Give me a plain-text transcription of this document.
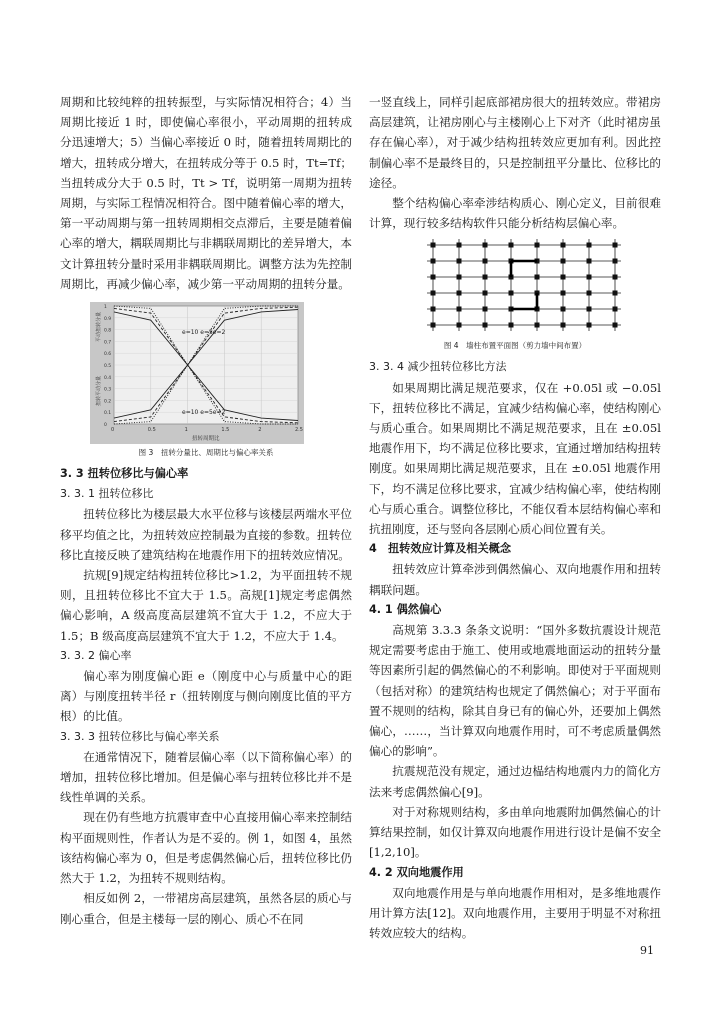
周期和比较纯粹的扭转振型，与实际情况相符合；4）当周期比接近 1 时，即使偏心率很小，平动周期的扭转成分迅速增大；5）当偏心率接近 0 时，随着扭转周期比的增大，扭转成分增大，在扭转成分等于 0.5 时，Tt=Tf；当扭转成分大于 0.5 时，Tt > Tf，说明第一周期为扭转周期，与实际工程情况相符合。图中随着偏心率的增大，第一平动周期与第一扭转周期相交点滞后，主要是随着偏心率的增大，耦联周期比与非耦联周期比的差异增大，本文计算扭转分量时采用非耦联周期比。调整方法为先控制周期比，再减少偏心率，减少第一平动周期的扭转分量。

e=10 e=5e=2
e=10 e=5e=2
平动扭转分量
扭转平动分量
扭转周期比
0	0.5	1	1.5	2	2.5
1
0.9
0.8
0.7
0.6
0.5
0.4
0.3
0.2
0.1
0
图 3　扭转分量比、周期比与偏心率关系

3. 3 扭转位移比与偏心率

3. 3. 1 扭转位移比

扭转位移比为楼层最大水平位移与该楼层两端水平位移平均值之比，为扭转效应控制最为直接的参数。扭转位移比直接反映了建筑结构在地震作用下的扭转效应情况。

抗规[9]规定结构扭转位移比>1.2，为平面扭转不规则，且扭转位移比不宜大于 1.5。高规[1]规定考虑偶然偏心影响，A 级高度高层建筑不宜大于 1.2，不应大于 1.5；B 级高度高层建筑不宜大于 1.2，不应大于 1.4。

3. 3. 2 偏心率

偏心率为刚度偏心距 e（刚度中心与质量中心的距离）与刚度扭转半径 r（扭转刚度与侧向刚度比值的平方根）的比值。

3. 3. 3 扭转位移比与偏心率关系

在通常情况下，随着层偏心率（以下简称偏心率）的增加，扭转位移比增加。但是偏心率与扭转位移比并不是线性单调的关系。

现在仍有些地方抗震审查中心直接用偏心率来控制结构平面规则性，作者认为是不妥的。例 1，如图 4，虽然该结构偏心率为 0，但是考虑偶然偏心后，扭转位移比仍然大于 1.2，为扭转不规则结构。

相反如例 2，一带裙房高层建筑，虽然各层的质心与刚心重合，但是主楼每一层的刚心、质心不在同

一竖直线上，同样引起底部裙房很大的扭转效应。带裙房高层建筑，让裙房刚心与主楼刚心上下对齐（此时裙房虽存在偏心率），对于减少结构扭转效应更加有利。因此控制偏心率不是最终目的，只是控制扭平分量比、位移比的途径。

整个结构偏心率牵涉结构质心、刚心定义，目前很难计算，现行较多结构软件只能分析结构层偏心率。

图 4　墙柱布置平面图（剪力墙中间布置）

3. 3. 4 减少扭转位移比方法

如果周期比满足规范要求，仅在 +0.05l 或 −0.05l 下，扭转位移比不满足，宜减少结构偏心率，使结构刚心与质心重合。如果周期比不满足规范要求，且在 ±0.05l 地震作用下，均不满足位移比要求，宜通过增加结构扭转刚度。如果周期比满足规范要求，且在 ±0.05l 地震作用下，均不满足位移比要求，宜减少结构偏心率，使结构刚心与质心重合。调整位移比，不能仅看本层结构偏心率和抗扭刚度，还与竖向各层刚心质心间位置有关。

4　扭转效应计算及相关概念

扭转效应计算牵涉到偶然偏心、双向地震作用和扭转耦联问题。

4. 1 偶然偏心

高规第 3.3.3 条条文说明：“国外多数抗震设计规范规定需要考虑由于施工、使用或地震地面运动的扭转分量等因素所引起的偶然偏心的不利影响。即使对于平面规则（包括对称）的建筑结构也规定了偶然偏心；对于平面布置不规则的结构，除其自身已有的偏心外，还要加上偶然偏心，……，当计算双向地震作用时，可不考虑质量偶然偏心的影响”。

抗震规范没有规定，通过边榀结构地震内力的简化方法来考虑偶然偏心[9]。

对于对称规则结构，多由单向地震附加偶然偏心的计算结果控制，如仅计算双向地震作用进行设计是偏不安全[1,2,10]。

4. 2 双向地震作用

双向地震作用是与单向地震作用相对，是多维地震作用计算方法[12]。双向地震作用，主要用于明显不对称扭转效应较大的结构。

91
